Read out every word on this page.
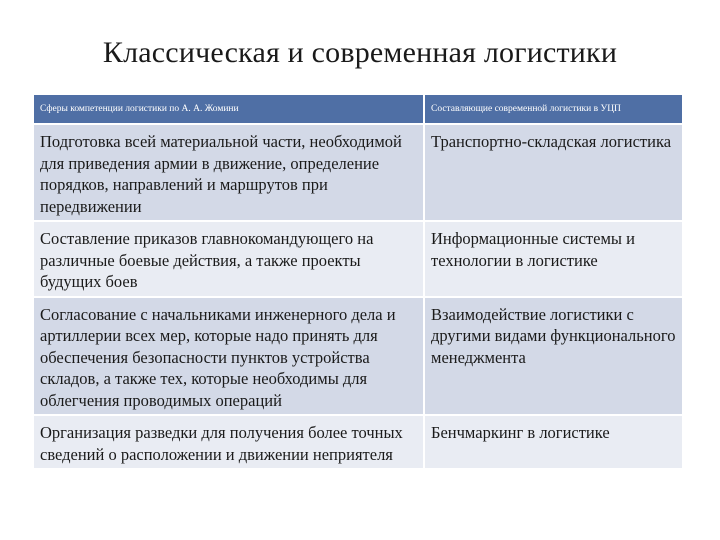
Классическая и современная логистики
Сферы компетенции логистики по А. А. Жомини	Составляющие современной логистики в УЦП
Подготовка всей материальной части, необходимой для приведения армии в движение, определение порядков, направлений и маршрутов при передвижении	Транспортно-складская логистика
Составление приказов главнокомандующего на различные боевые действия, а также проекты будущих боев	Информационные системы и технологии в логистике
Согласование с начальниками инженерного дела и артиллерии всех мер, которые надо принять для обеспечения безопасности пунктов устройства складов, а также тех, которые необходимы для облегчения проводимых операций	Взаимодействие логистики с другими видами функционального менеджмента
Организация разведки для получения более точных сведений о расположении и движении неприятеля	Бенчмаркинг в логистике
